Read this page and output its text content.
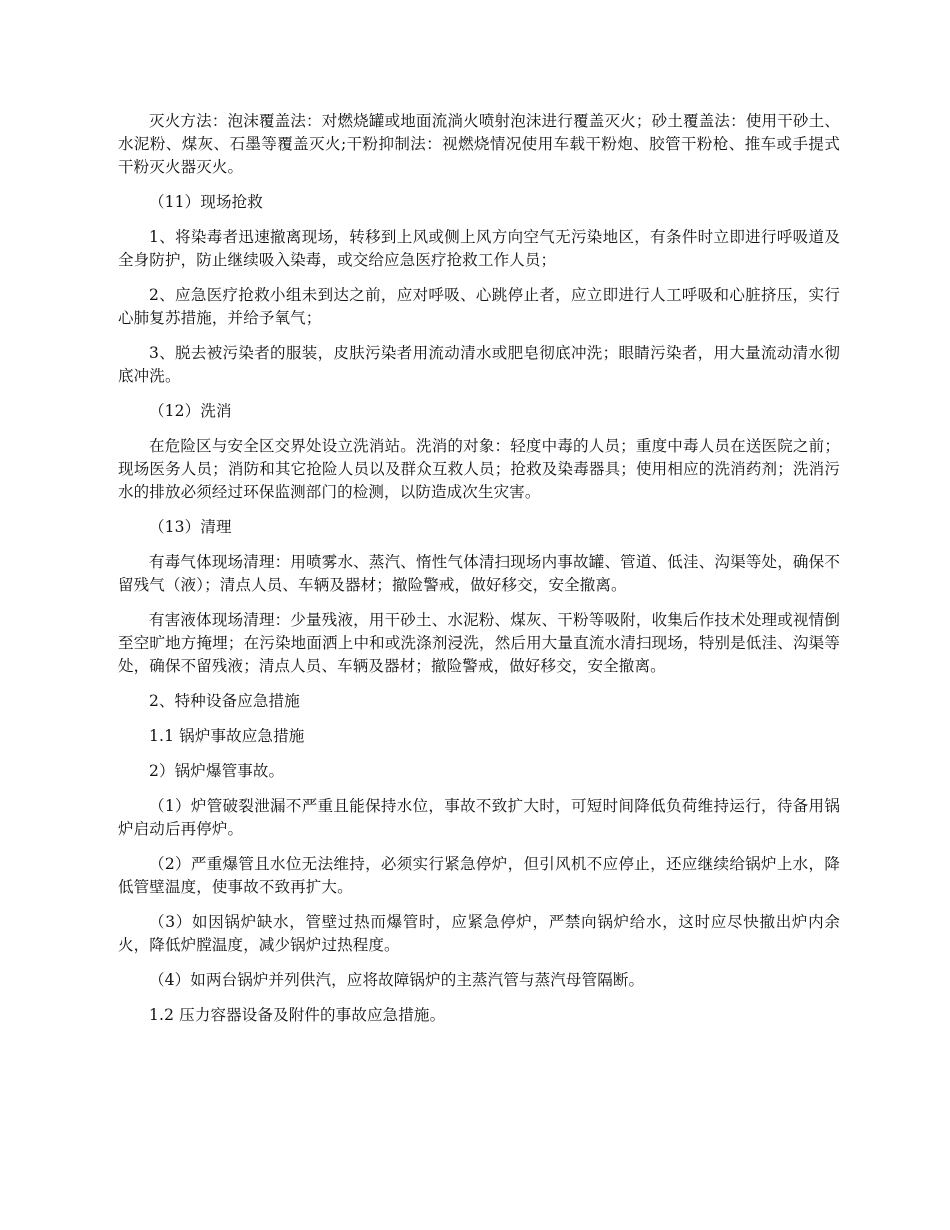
灭火方法：泡沫覆盖法：对燃烧罐或地面流淌火喷射泡沫进行覆盖灭火；砂土覆盖法：使用干砂土、水泥粉、煤灰、石墨等覆盖灭火;干粉抑制法：视燃烧情况使用车载干粉炮、胶管干粉枪、推车或手提式干粉灭火器灭火。

（11）现场抢救

1、将染毒者迅速撤离现场，转移到上风或侧上风方向空气无污染地区，有条件时立即进行呼吸道及全身防护，防止继续吸入染毒，或交给应急医疗抢救工作人员；

2、应急医疗抢救小组未到达之前，应对呼吸、心跳停止者，应立即进行人工呼吸和心脏挤压，实行心肺复苏措施，并给予氧气；

3、脱去被污染者的服装，皮肤污染者用流动清水或肥皂彻底冲洗；眼睛污染者，用大量流动清水彻底冲洗。

（12）洗消

在危险区与安全区交界处设立洗消站。洗消的对象：轻度中毒的人员；重度中毒人员在送医院之前；现场医务人员；消防和其它抢险人员以及群众互救人员；抢救及染毒器具；使用相应的洗消药剂；洗消污水的排放必须经过环保监测部门的检测，以防造成次生灾害。

（13）清理

有毒气体现场清理：用喷雾水、蒸汽、惰性气体清扫现场内事故罐、管道、低洼、沟渠等处，确保不留残气（液）；清点人员、车辆及器材；撤险警戒，做好移交，安全撤离。

有害液体现场清理：少量残液，用干砂土、水泥粉、煤灰、干粉等吸附，收集后作技术处理或视情倒至空旷地方掩埋；在污染地面洒上中和或洗涤剂浸洗，然后用大量直流水清扫现场，特别是低洼、沟渠等处，确保不留残液；清点人员、车辆及器材；撤险警戒，做好移交，安全撤离。

2、特种设备应急措施

1.1 锅炉事故应急措施

2）锅炉爆管事故。

（1）炉管破裂泄漏不严重且能保持水位，事故不致扩大时，可短时间降低负荷维持运行，待备用锅炉启动后再停炉。

（2）严重爆管且水位无法维持，必须实行紧急停炉，但引风机不应停止，还应继续给锅炉上水，降低管壁温度，使事故不致再扩大。

（3）如因锅炉缺水，管壁过热而爆管时，应紧急停炉，严禁向锅炉给水，这时应尽快撤出炉内余火，降低炉膛温度，减少锅炉过热程度。

（4）如两台锅炉并列供汽，应将故障锅炉的主蒸汽管与蒸汽母管隔断。

1.2 压力容器设备及附件的事故应急措施。
